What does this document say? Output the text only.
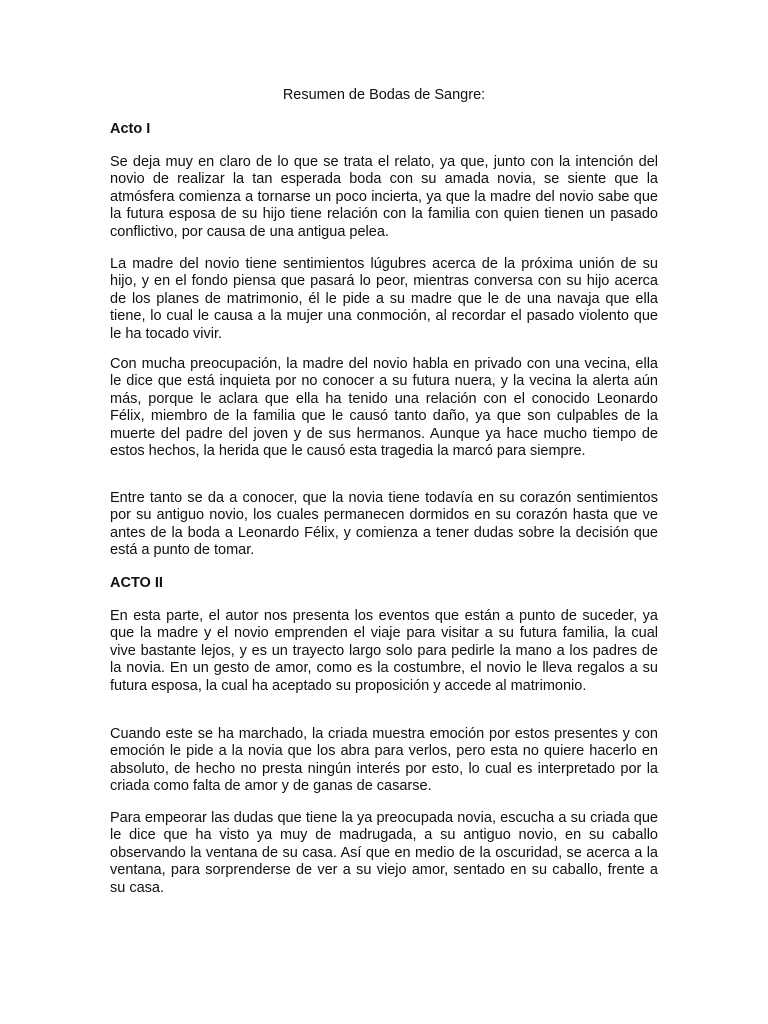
Resumen de Bodas de Sangre:
Acto I

Se deja muy en claro de lo que se trata el relato, ya que, junto con la intención del novio de realizar la tan esperada boda con su amada novia, se siente que la atmósfera comienza a tornarse un poco incierta, ya que la madre del novio sabe que la futura esposa de su hijo tiene relación con la familia con quien tienen un pasado conflictivo, por causa de una antigua pelea.

La madre del novio tiene sentimientos lúgubres acerca de la próxima unión de su hijo, y en el fondo piensa que pasará lo peor, mientras conversa con su hijo acerca de los planes de matrimonio, él le pide a su madre que le de una navaja que ella tiene, lo cual le causa a la mujer una conmoción, al recordar el pasado violento que le ha tocado vivir.

Con mucha preocupación, la madre del novio habla en privado con una vecina, ella le dice que está inquieta por no conocer a su futura nuera, y la vecina la alerta aún más, porque le aclara que ella ha tenido una relación con el conocido Leonardo Félix, miembro de la familia que le causó tanto daño, ya que son culpables de la muerte del padre del joven y de sus hermanos. Aunque ya hace mucho tiempo de estos hechos, la herida que le causó esta tragedia la marcó para siempre.

Entre tanto se da a conocer, que la novia tiene todavía en su corazón sentimientos por su antiguo novio, los cuales permanecen dormidos en su corazón hasta que ve antes de la boda a Leonardo Félix, y comienza a tener dudas sobre la decisión que está a punto de tomar.

ACTO II

En esta parte, el autor nos presenta los eventos que están a punto de suceder, ya que la madre y el novio emprenden el viaje para visitar a su futura familia, la cual vive bastante lejos, y es un trayecto largo solo para pedirle la mano a los padres de la novia. En un gesto de amor, como es la costumbre, el novio le lleva regalos a su futura esposa, la cual ha aceptado su proposición y accede al matrimonio.

Cuando este se ha marchado, la criada muestra emoción por estos presentes y con emoción le pide a la novia que los abra para verlos, pero esta no quiere hacerlo en absoluto, de hecho no presta ningún interés por esto, lo cual es interpretado por la criada como falta de amor y de ganas de casarse.

Para empeorar las dudas que tiene la ya preocupada novia, escucha a su criada que le dice que ha visto ya muy de madrugada, a su antiguo novio, en su caballo observando la ventana de su casa. Así que en medio de la oscuridad, se acerca a la ventana, para sorprenderse de ver a su viejo amor, sentado en su caballo, frente a su casa.
